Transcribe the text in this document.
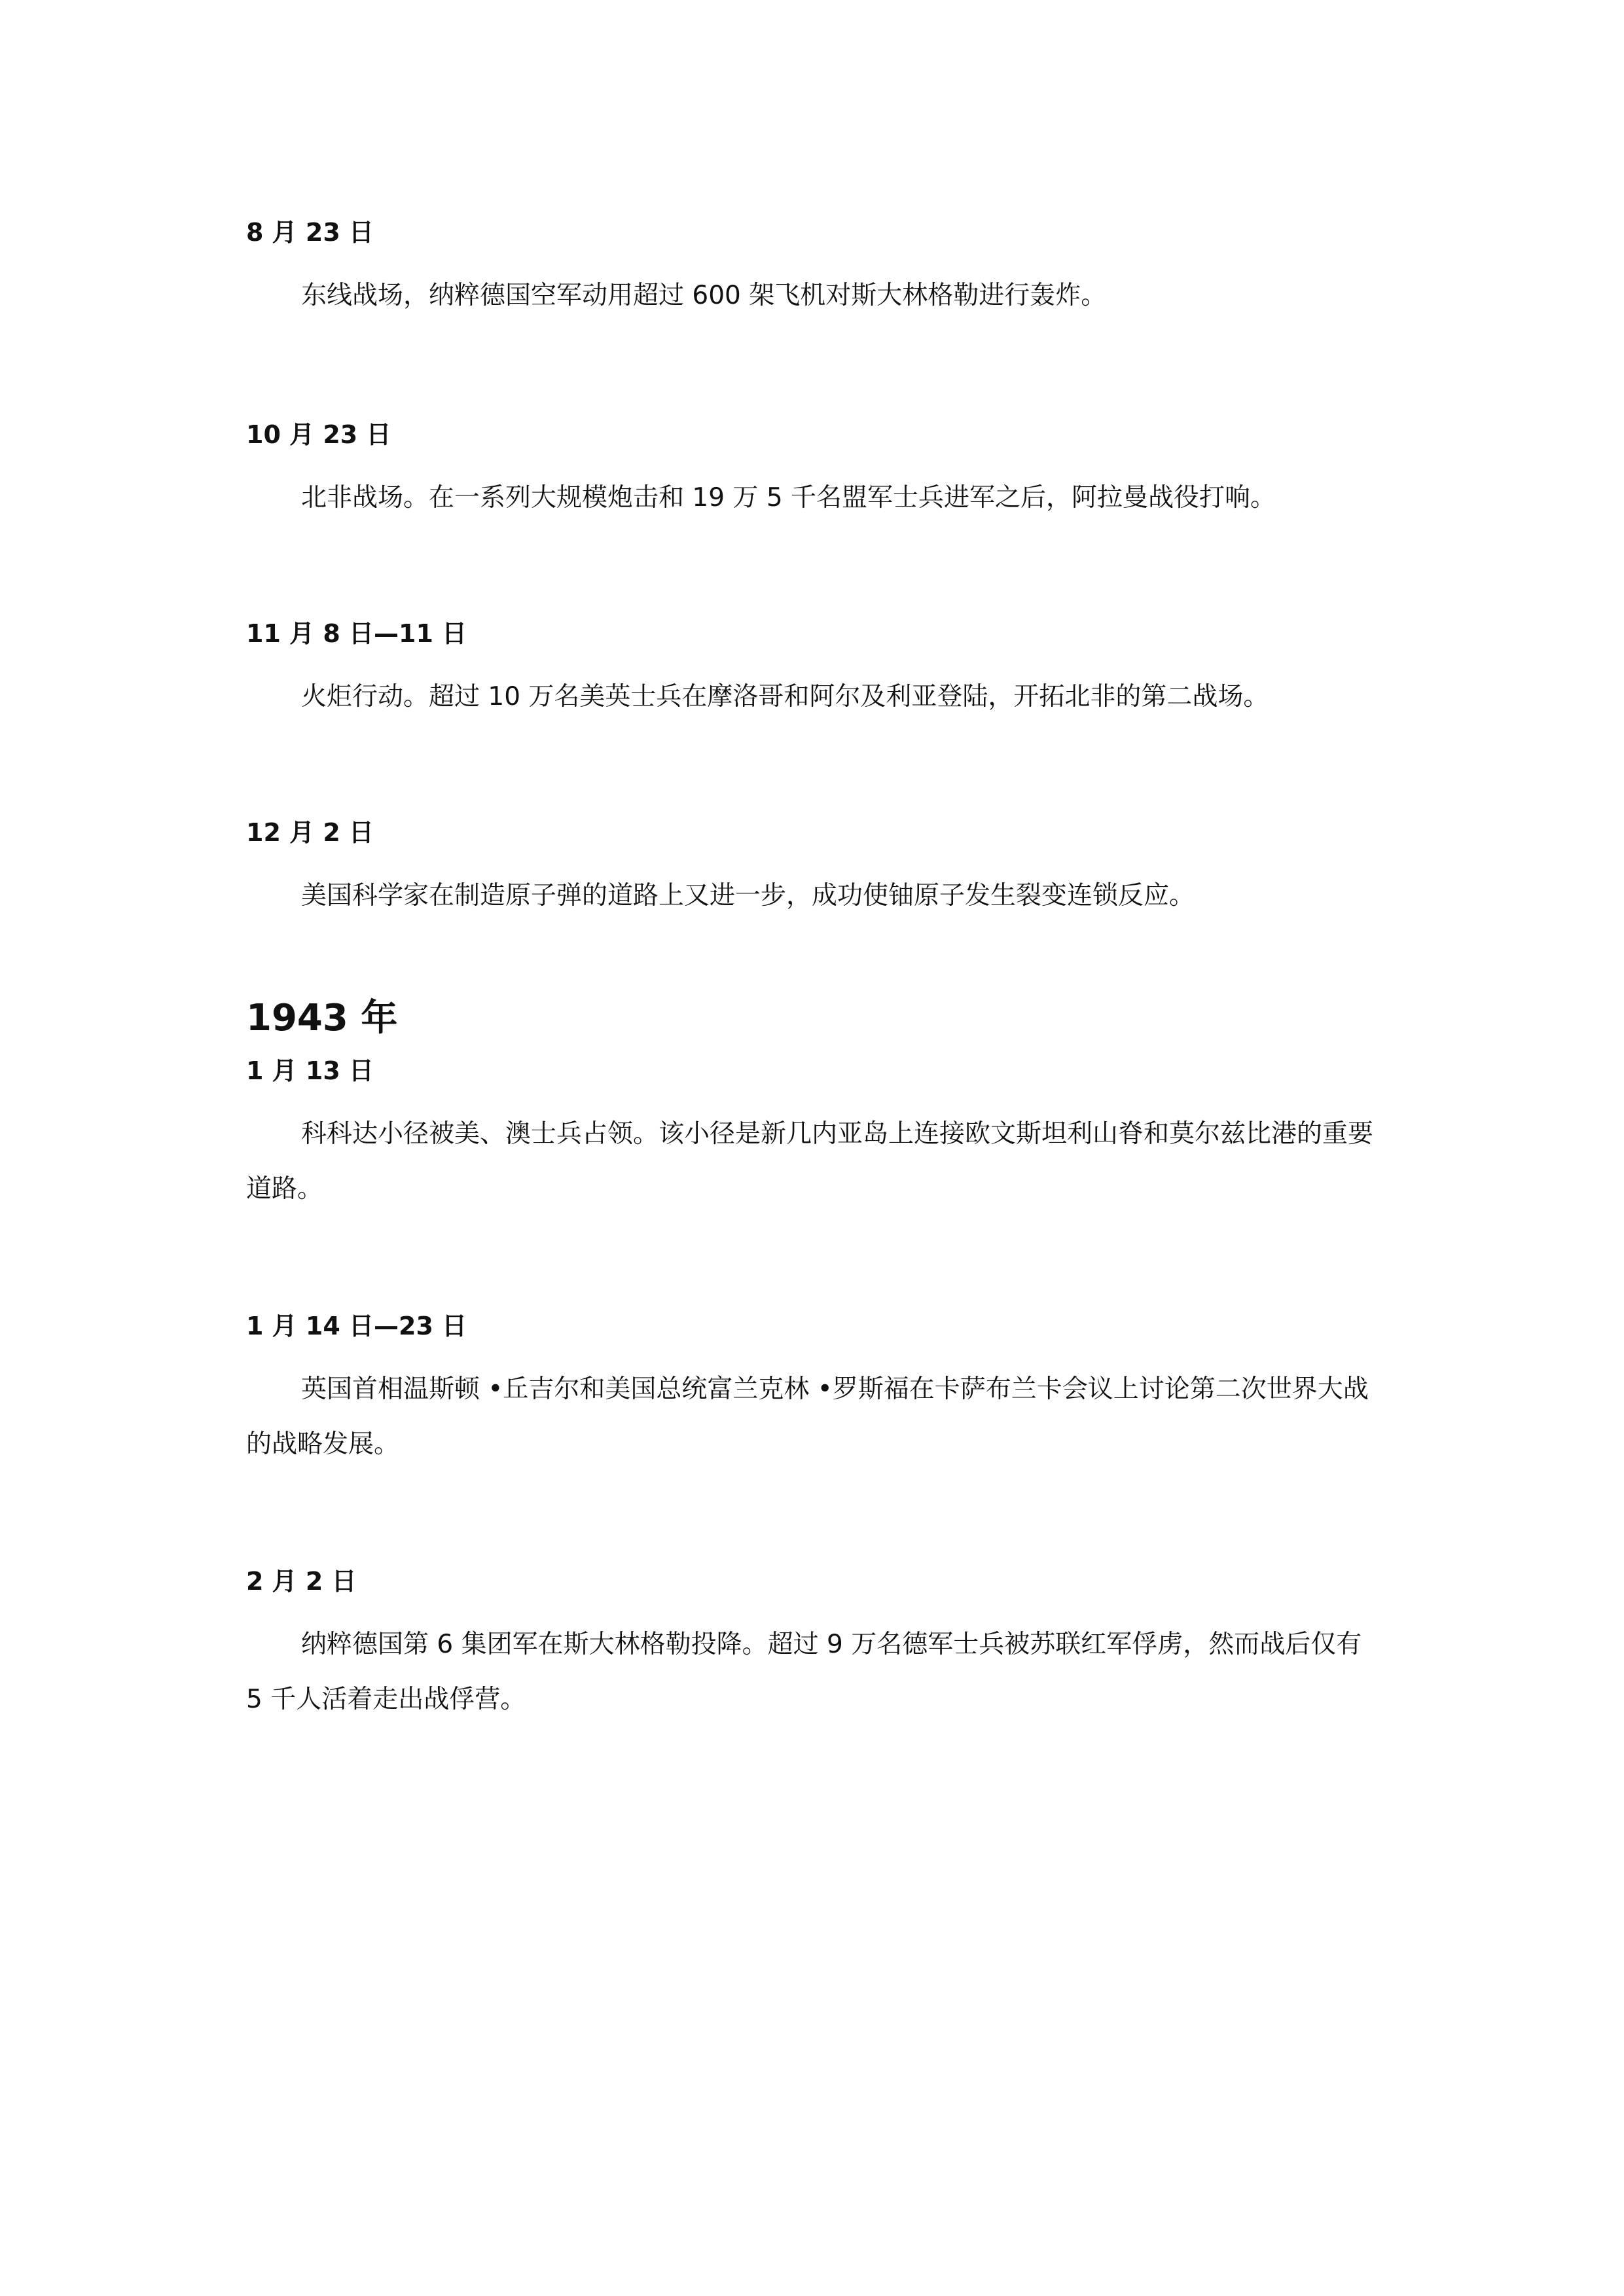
8 月 23 日

东线战场，纳粹德国空军动用超过 600 架飞机对斯大林格勒进行轰炸。

10 月 23 日

北非战场。在一系列大规模炮击和 19 万 5 千名盟军士兵进军之后，阿拉曼战役打响。

11 月 8 日—11 日

火炬行动。超过 10 万名美英士兵在摩洛哥和阿尔及利亚登陆，开拓北非的第二战场。

12 月 2 日

美国科学家在制造原子弹的道路上又进一步，成功使铀原子发生裂变连锁反应。

1943 年

1 月 13 日

科科达小径被美、澳士兵占领。该小径是新几内亚岛上连接欧文斯坦利山脊和莫尔兹比港的重要道路。

1 月 14 日—23 日

英国首相温斯顿 •丘吉尔和美国总统富兰克林 •罗斯福在卡萨布兰卡会议上讨论第二次世界大战的战略发展。

2 月 2 日

纳粹德国第 6 集团军在斯大林格勒投降。超过 9 万名德军士兵被苏联红军俘虏，然而战后仅有 5 千人活着走出战俘营。
